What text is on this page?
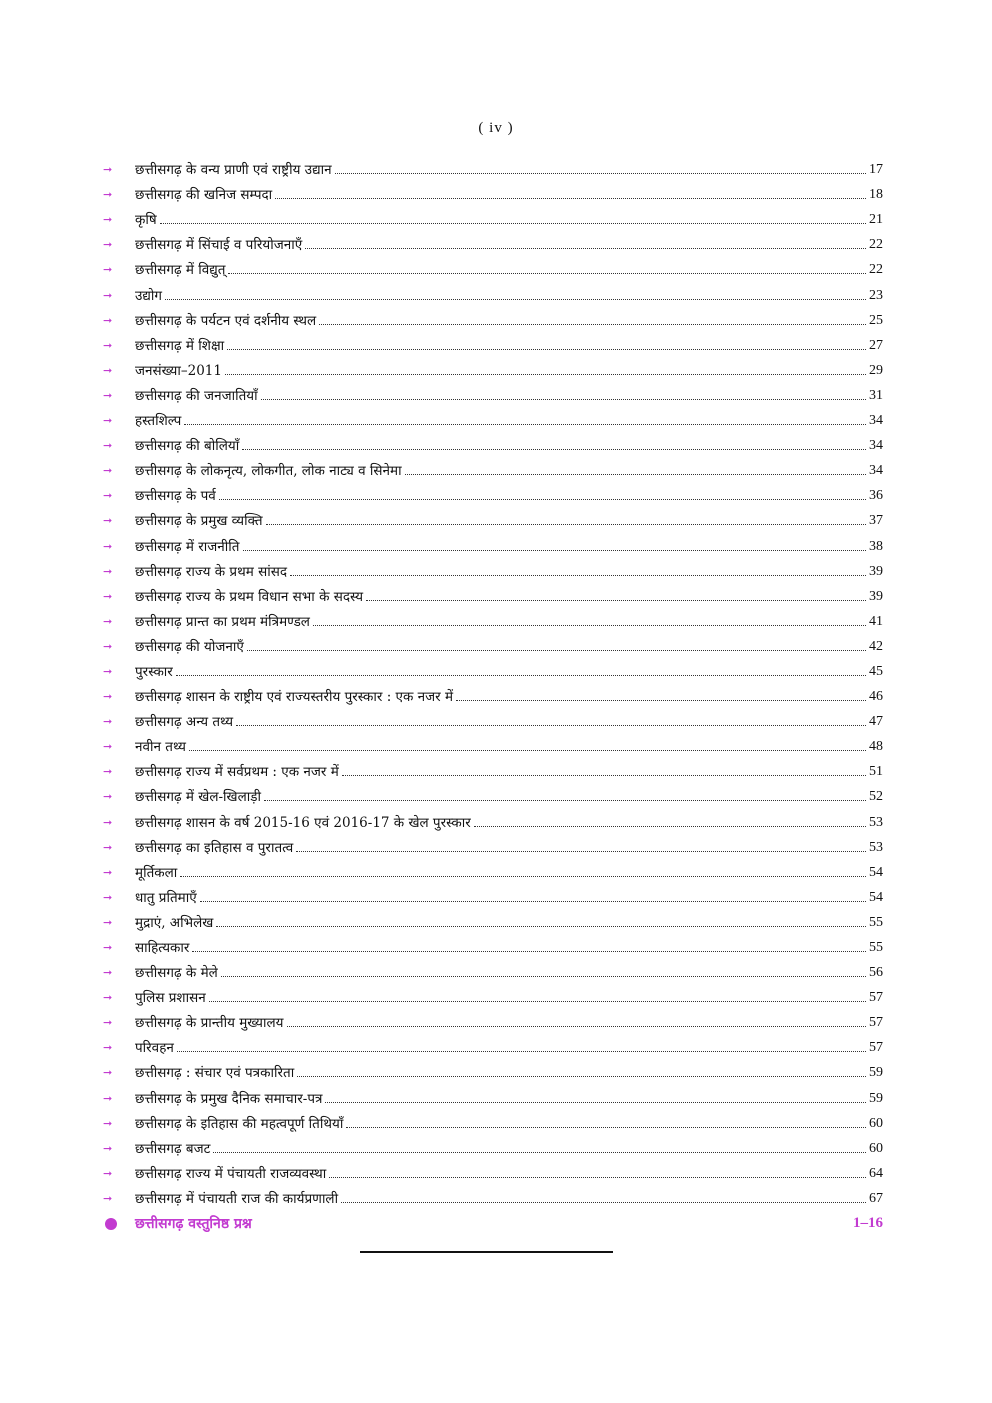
( iv )
➞	छत्तीसगढ़ के वन्य प्राणी एवं राष्ट्रीय उद्यान	17
➞	छत्तीसगढ़ की खनिज सम्पदा	18
➞	कृषि	21
➞	छत्तीसगढ़ में सिंचाई व परियोजनाएँ	22
➞	छत्तीसगढ़ में विद्युत्	22
➞	उद्योग	23
➞	छत्तीसगढ़ के पर्यटन एवं दर्शनीय स्थल	25
➞	छत्तीसगढ़ में शिक्षा	27
➞	जनसंख्या–2011	29
➞	छत्तीसगढ़ की जनजातियाँ	31
➞	हस्तशिल्प	34
➞	छत्तीसगढ़ की बोलियाँ	34
➞	छत्तीसगढ़ के लोकनृत्य, लोकगीत, लोक नाट्य व सिनेमा	34
➞	छत्तीसगढ़ के पर्व	36
➞	छत्तीसगढ़ के प्रमुख व्यक्ति	37
➞	छत्तीसगढ़ में राजनीति	38
➞	छत्तीसगढ़ राज्य के प्रथम सांसद	39
➞	छत्तीसगढ़ राज्य के प्रथम विधान सभा के सदस्य	39
➞	छत्तीसगढ़ प्रान्त का प्रथम मंत्रिमण्डल	41
➞	छत्तीसगढ़ की योजनाएँ	42
➞	पुरस्कार	45
➞	छत्तीसगढ़ शासन के राष्ट्रीय एवं राज्यस्तरीय पुरस्कार : एक नजर में	46
➞	छत्तीसगढ़ अन्य तथ्य	47
➞	नवीन तथ्य	48
➞	छत्तीसगढ़ राज्य में सर्वप्रथम : एक नजर में	51
➞	छत्तीसगढ़ में खेल-खिलाड़ी	52
➞	छत्तीसगढ़ शासन के वर्ष 2015-16 एवं 2016-17 के खेल पुरस्कार	53
➞	छत्तीसगढ़ का इतिहास व पुरातत्व	53
➞	मूर्तिकला	54
➞	धातु प्रतिमाएँ	54
➞	मुद्राएं, अभिलेख	55
➞	साहित्यकार	55
➞	छत्तीसगढ़ के मेले	56
➞	पुलिस प्रशासन	57
➞	छत्तीसगढ़ के प्रान्तीय मुख्यालय	57
➞	परिवहन	57
➞	छत्तीसगढ़ : संचार एवं पत्रकारिता	59
➞	छत्तीसगढ़ के प्रमुख दैनिक समाचार-पत्र	59
➞	छत्तीसगढ़ के इतिहास की महत्वपूर्ण तिथियाँ	60
➞	छत्तीसगढ़ बजट	60
➞	छत्तीसगढ़ राज्य में पंचायती राजव्यवस्था	64
➞	छत्तीसगढ़ में पंचायती राज की कार्यप्रणाली	67
छत्तीसगढ़ वस्तुनिष्ठ प्रश्न	1–16
